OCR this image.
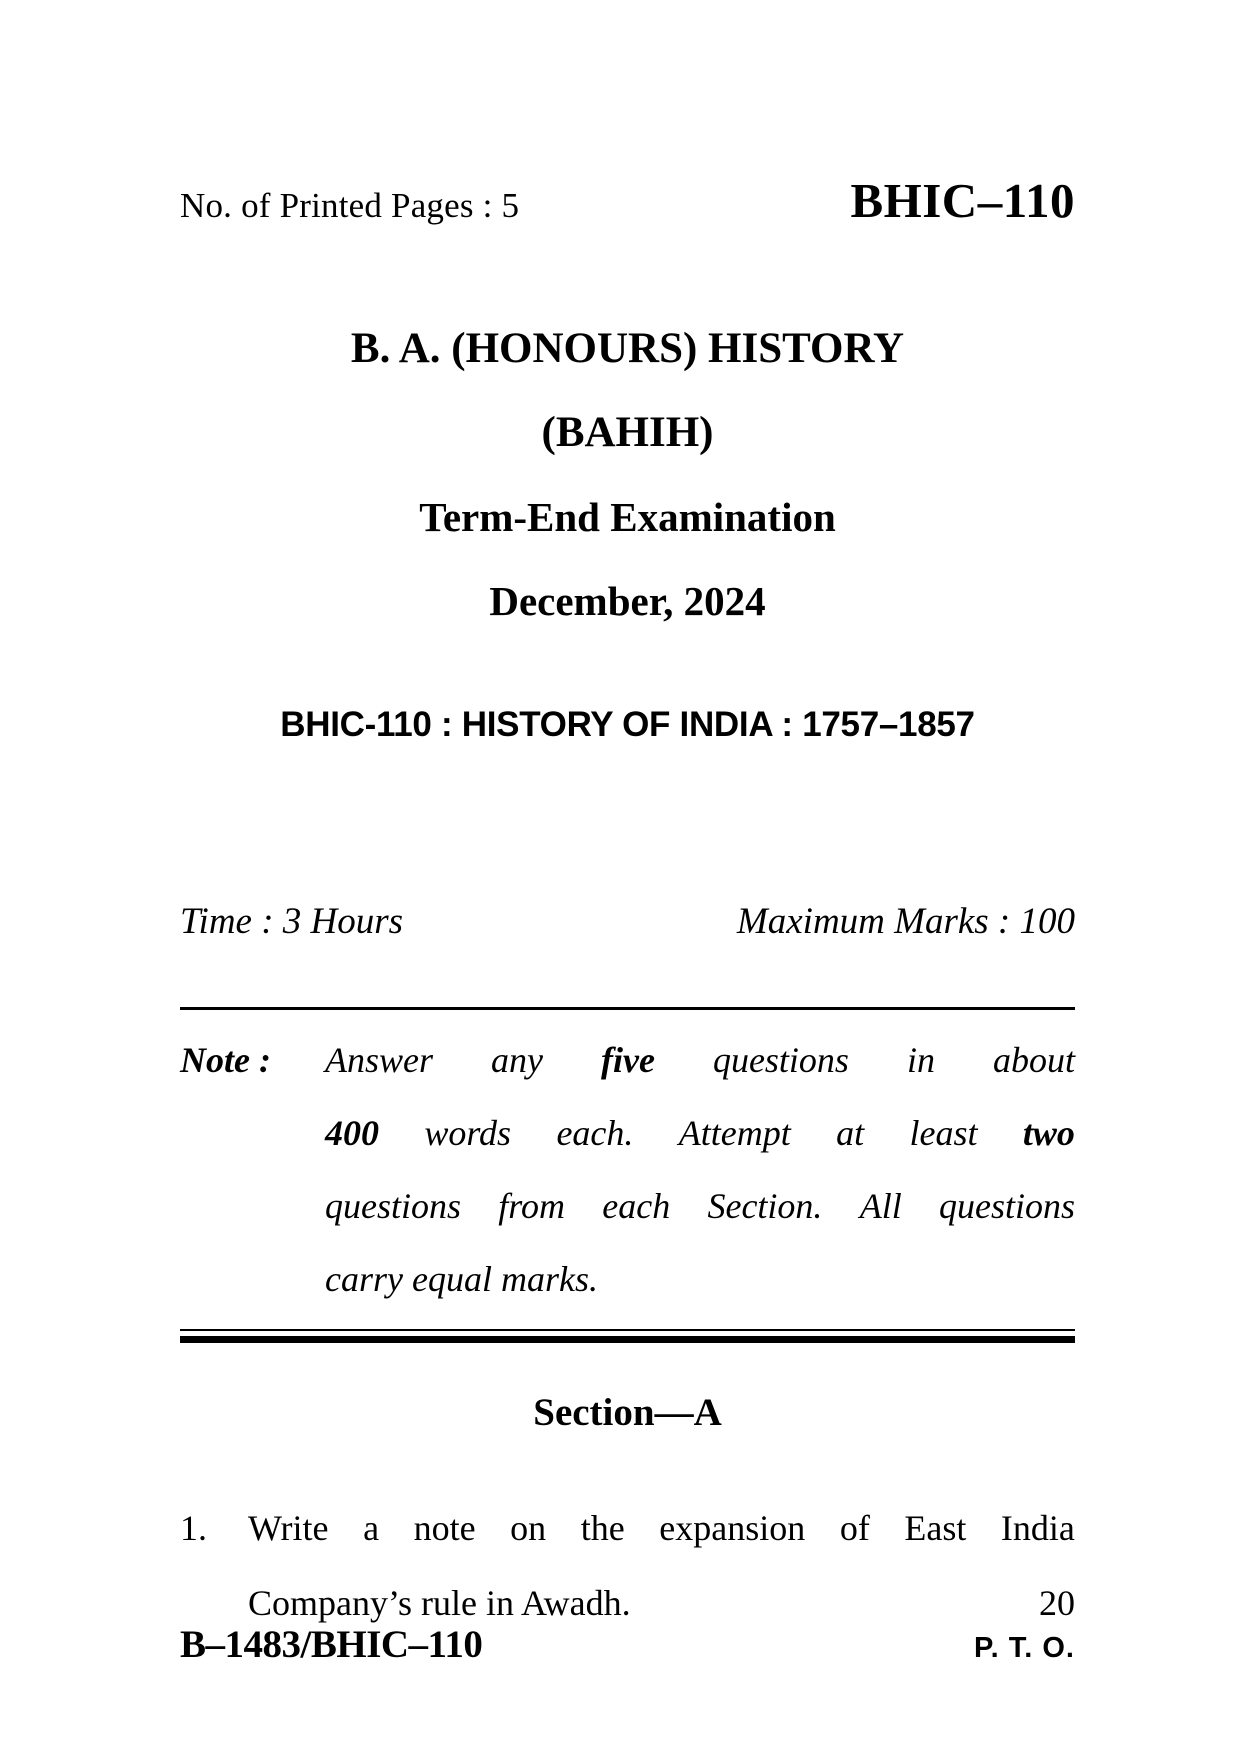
No. of Printed Pages : 5	BHIC–110
B. A. (HONOURS) HISTORY
(BAHIH)
Term-End Examination
December, 2024
BHIC-110 : HISTORY OF INDIA : 1757–1857
Time : 3 Hours	Maximum Marks : 100
Note :	Answer any five questions in about
400 words each. Attempt at least two
questions from each Section. All questions
carry equal marks.
Section—A
1.	Write a note on the expansion of East India
Company’s rule in Awadh.	20
B–1483/BHIC–110	P. T. O.
